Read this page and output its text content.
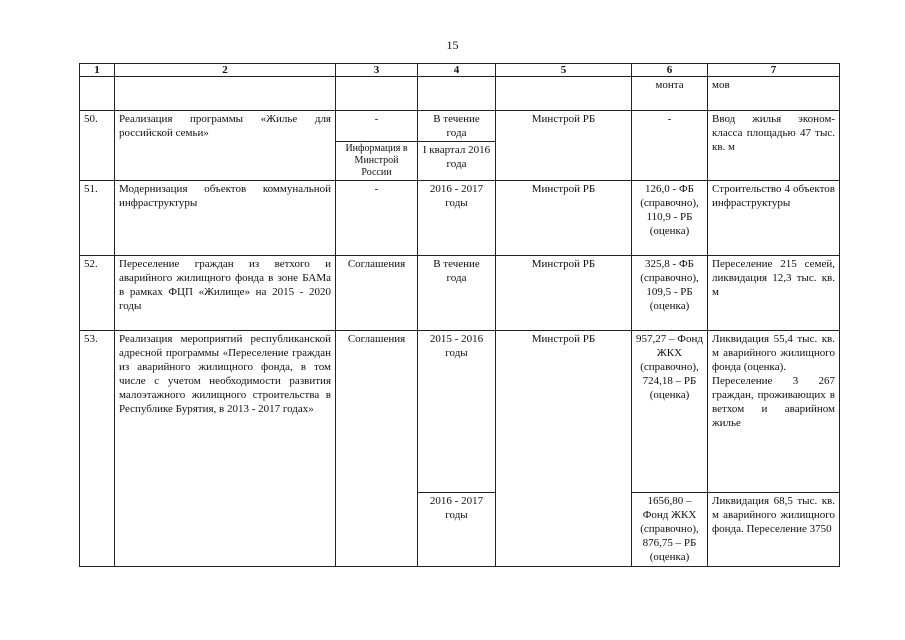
15
1	2	3	4	5	6	7
					монта	мов
50.	Реализация программы «Жилье для российской семьи»	-	В течение года	Минстрой РБ	-	Ввод жилья эконом-класса площадью 47 тыс. кв. м
		Информация в Минстрой России	I квартал 2016 года			
51.	Модернизация объектов коммунальной инфраструктуры	-	2016 - 2017 годы	Минстрой РБ	126,0 - ФБ (справочно), 110,9 - РБ (оценка)	Строительство 4 объектов инфраструктуры
52.	Переселение граждан из ветхого и аварийного жилищного фонда в зоне БАМа в рамках ФЦП «Жилище» на 2015 - 2020 годы	Соглашения	В течение года	Минстрой РБ	325,8 - ФБ (справочно), 109,5 - РБ (оценка)	Переселение 215 семей, ликвидация 12,3 тыс. кв. м
53.	Реализация мероприятий республиканской адресной программы «Переселение граждан из аварийного жилищного фонда, в том числе с учетом необходимости развития малоэтажного жилищного строительства в Республике Бурятия, в 2013 - 2017 годах»	Соглашения	2015 - 2016 годы	Минстрой РБ	957,27 – Фонд ЖКХ (справочно), 724,18 – РБ (оценка)	Ликвидация 55,4 тыс. кв. м аварийного жилищного фонда (оценка).
Переселение 3 267 граждан, проживающих в ветхом и аварийном жилье
			2016 - 2017 годы		1656,80 – Фонд ЖКХ (справочно), 876,75 – РБ (оценка)	Ликвидация 68,5 тыс. кв. м аварийного жилищного фонда. Переселение 3750
